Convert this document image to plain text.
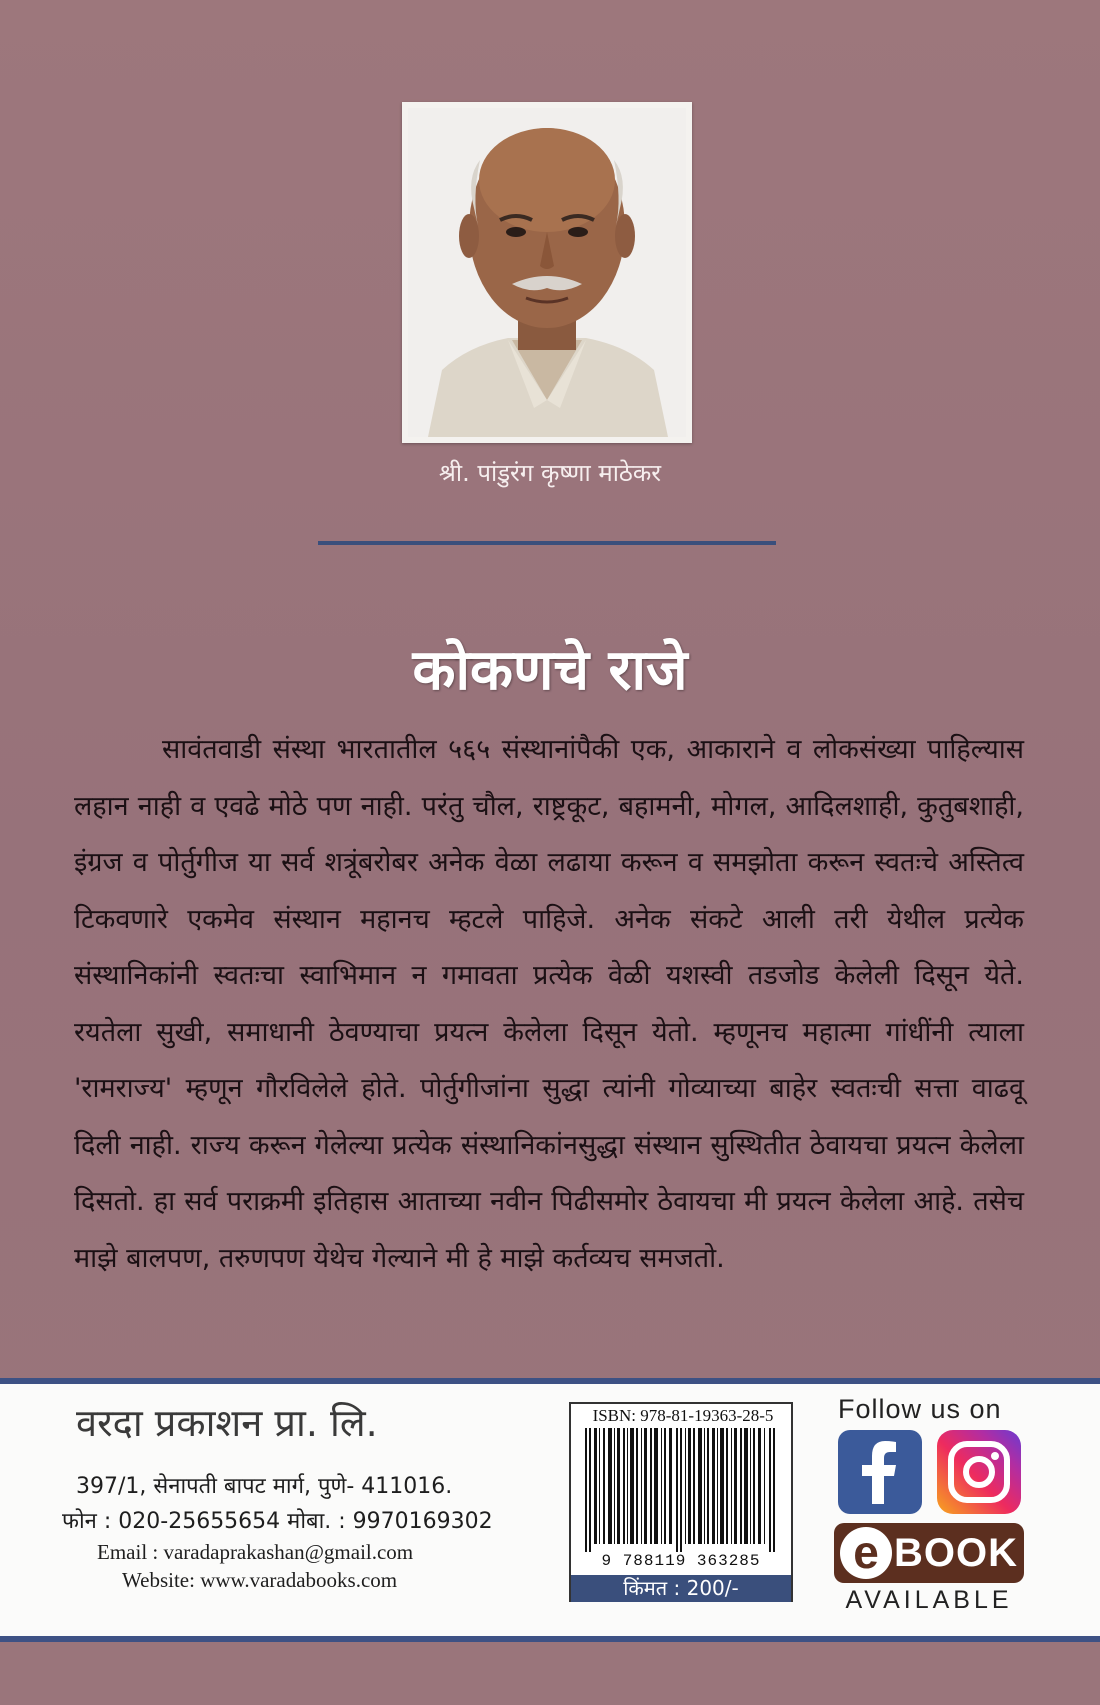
श्री. पांडुरंग कृष्णा माठेकर
कोकणचे राजे

सावंतवाडी संस्था भारतातील ५६५ संस्थानांपैकी एक, आकाराने व लोकसंख्या पाहिल्यास लहान नाही व एवढे मोठे पण नाही. परंतु चौल, राष्ट्रकूट, बहामनी, मोगल, आदिलशाही, कुतुबशाही, इंग्रज व पोर्तुगीज या सर्व शत्रूंबरोबर अनेक वेळा लढाया करून व समझोता करून स्वतःचे अस्तित्व टिकवणारे एकमेव संस्थान महानच म्हटले पाहिजे. अनेक संकटे आली तरी येथील प्रत्येक संस्थानिकांनी स्वतःचा स्वाभिमान न गमावता प्रत्येक वेळी यशस्वी तडजोड केलेली दिसून येते. रयतेला सुखी, समाधानी ठेवण्याचा प्रयत्न केलेला दिसून येतो. म्हणूनच महात्मा गांधींनी त्याला 'रामराज्य' म्हणून गौरविलेले होते. पोर्तुगीजांना सुद्धा त्यांनी गोव्याच्या बाहेर स्वतःची सत्ता वाढवू दिली नाही. राज्य करून गेलेल्या प्रत्येक संस्थानिकांनसुद्धा संस्थान सुस्थितीत ठेवायचा प्रयत्न केलेला दिसतो. हा सर्व पराक्रमी इतिहास आताच्या नवीन पिढीसमोर ठेवायचा मी प्रयत्न केलेला आहे. तसेच माझे बालपण, तरुणपण येथेच गेल्याने मी हे माझे कर्तव्यच समजतो.

वरदा प्रकाशन प्रा. लि.
397/1, सेनापती बापट मार्ग, पुणे- 411016.
फोन : 020-25655654 मोबा. : 9970169302
Email : varadaprakashan@gmail.com
Website: www.varadabooks.com
ISBN: 978-81-19363-28-5
9 788119 363285
किंमत : 200/-
Follow us on
e BOOK
AVAILABLE
